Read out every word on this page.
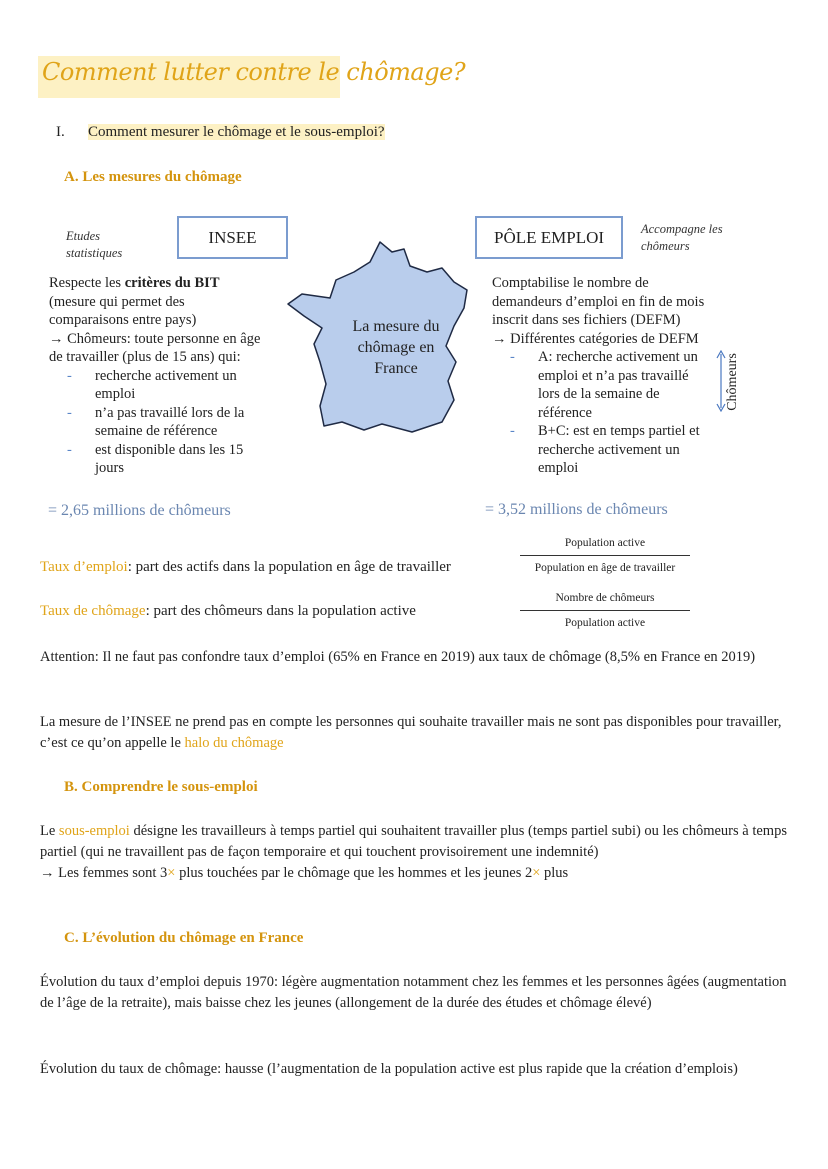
Comment lutter contre le chômage?
I. Comment mesurer le chômage et le sous-emploi?
A. Les mesures du chômage
Etudes statistiques
INSEE
Respecte les critères du BIT
(mesure qui permet des
comparaisons entre pays)
→ Chômeurs: toute personne en âge
de travailler (plus de 15 ans) qui:
- recherche activement un
emploi
- n’a pas travaillé lors de la
semaine de référence
- est disponible dans les 15
jours
= 2,65 millions de chômeurs
La mesure du chômage en France
PÔLE EMPLOI	Accompagne les chômeurs
Comptabilise le nombre de
demandeurs d’emploi en fin de mois
inscrit dans ses fichiers (DEFM)
→ Différentes catégories de DEFM
- A: recherche activement un
emploi et n’a pas travaillé
lors de la semaine de
référence
- B+C: est en temps partiel et
recherche activement un
emploi
Chômeurs
= 3,52 millions de chômeurs
Taux d’emploi: part des actifs dans la population en âge de travailler
Population active
Population en âge de travailler
Taux de chômage: part des chômeurs dans la population active
Nombre de chômeurs
Population active
Attention: Il ne faut pas confondre taux d’emploi (65% en France en 2019) aux taux de chômage (8,5% en France en 2019)
La mesure de l’INSEE ne prend pas en compte les personnes qui souhaite travailler mais ne sont pas disponibles pour travailler, c’est ce qu’on appelle le halo du chômage
B. Comprendre le sous-emploi
Le sous-emploi désigne les travailleurs à temps partiel qui souhaitent travailler plus (temps partiel subi) ou les chômeurs à temps partiel (qui ne travaillent pas de façon temporaire et qui touchent provisoirement une indemnité)
→ Les femmes sont 3× plus touchées par le chômage que les hommes et les jeunes 2× plus
C. L’évolution du chômage en France
Évolution du taux d’emploi depuis 1970: légère augmentation notamment chez les femmes et les personnes âgées (augmentation de l’âge de la retraite), mais baisse chez les jeunes (allongement de la durée des études et chômage élevé)
Évolution du taux de chômage: hausse (l’augmentation de la population active est plus rapide que la création d’emplois)
